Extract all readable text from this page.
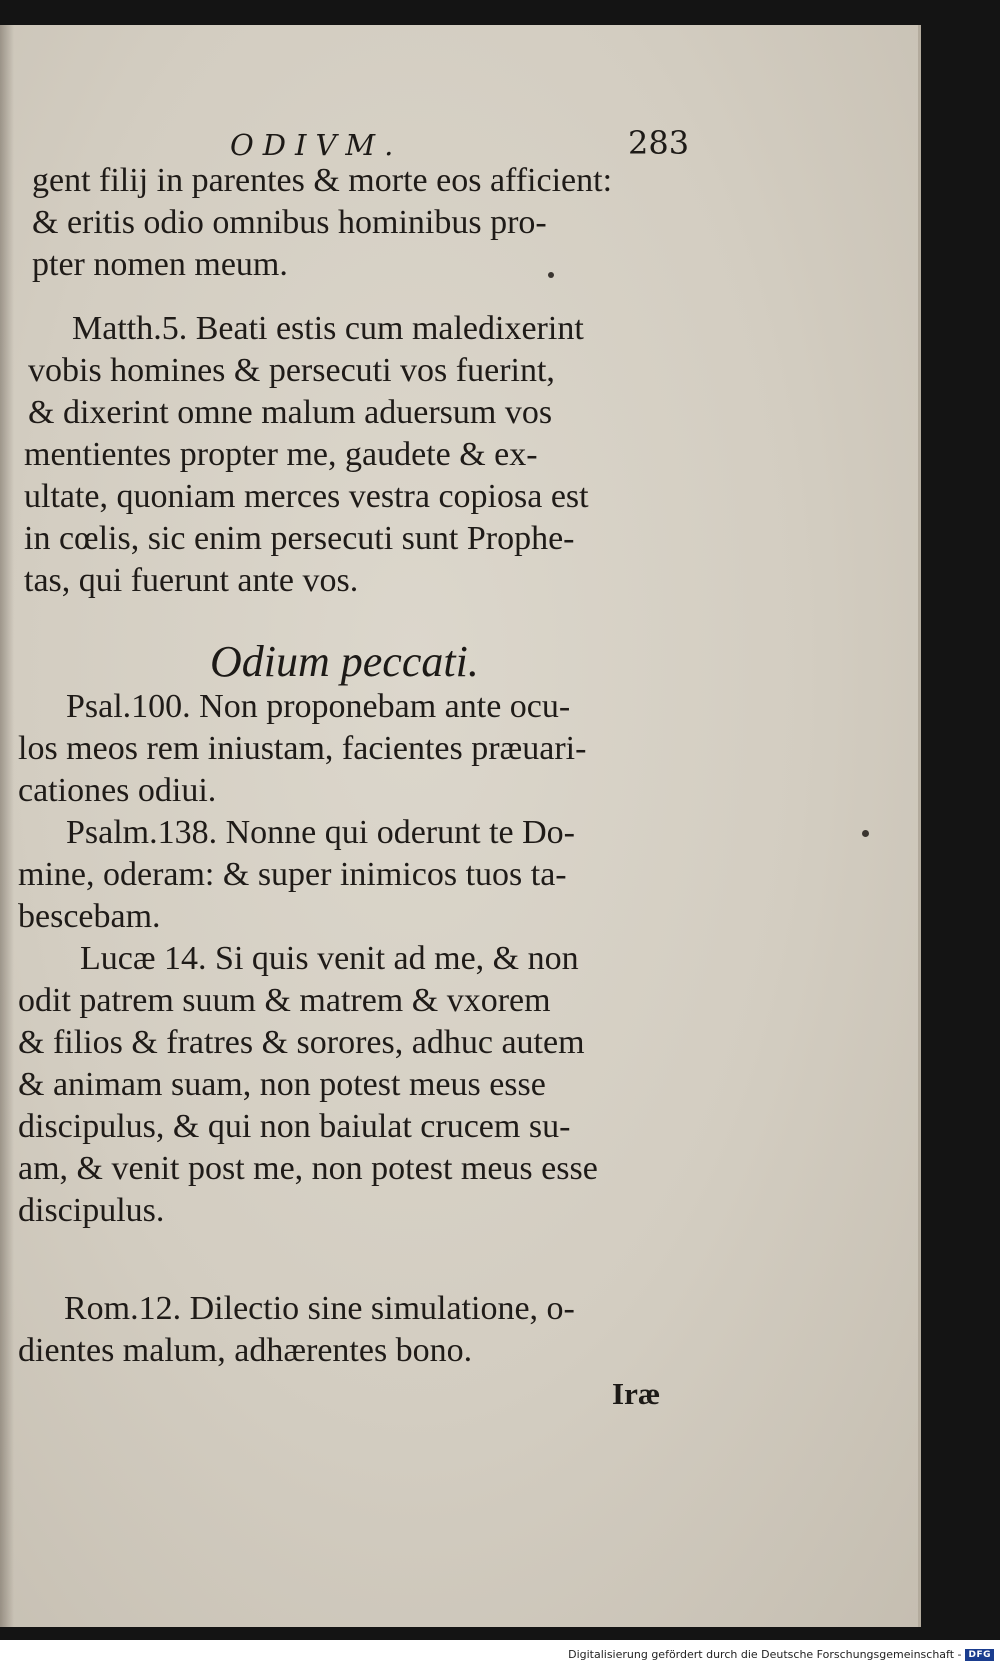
ODIVM.	283
gent filij in parentes & morte eos afficient:
& eritis odio omnibus hominibus pro-
pter nomen meum.
Matth.5. Beati estis cum maledixerint
vobis homines & persecuti vos fuerint,
& dixerint omne malum aduersum vos
mentientes propter me, gaudete & ex-
ultate, quoniam merces vestra copiosa est
in cœlis, sic enim persecuti sunt Prophe-
tas, qui fuerunt ante vos.
Odium peccati.
Psal.100. Non proponebam ante ocu-
los meos rem iniustam, facientes præuari-
cationes odiui.
Psalm.138. Nonne qui oderunt te Do-
mine, oderam: & super inimicos tuos ta-
bescebam.
Lucæ 14. Si quis venit ad me, & non
odit patrem suum & matrem & vxorem
& filios & fratres & sorores, adhuc autem
& animam suam, non potest meus esse
discipulus, & qui non baiulat crucem su-
am, & venit post me, non potest meus esse
discipulus.
Rom.12. Dilectio sine simulatione, o-
dientes malum, adhærentes bono.
Iræ
Digitalisierung gefördert durch die Deutsche Forschungsgemeinschaft - DFG
